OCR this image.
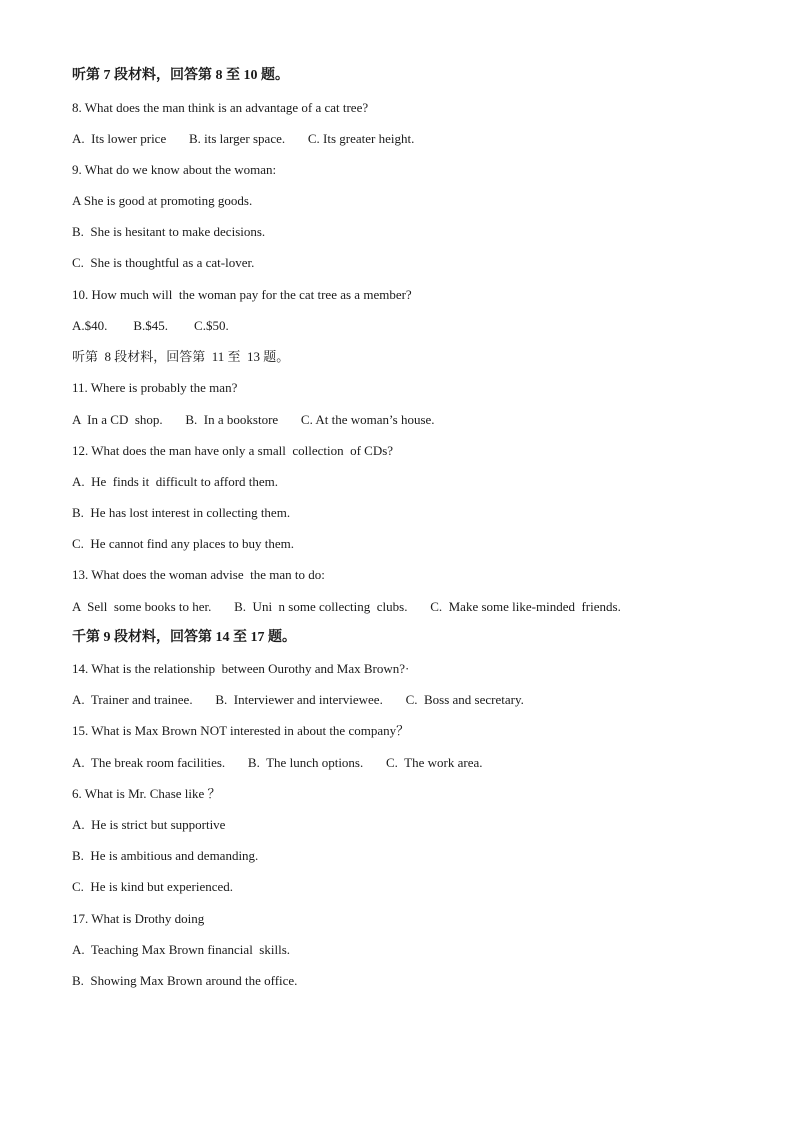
听第 7 段材料，回答第 8 至 10 题。
8. What does the man think is an advantage of a cat tree?
A.  Its lower price       B. its larger space.       C. Its greater height.
9. What do we know about the woman:
A She is good at promoting goods.
B.  She is hesitant to make decisions.
C.  She is thoughtful as a cat-lover.
10. How much will  the woman pay for the cat tree as a member?
A.$40.        B.$45.        C.$50.
听第  8 段材料，回答第  11 至  13 题。
11. Where is probably the man?
A  In a CD  shop.       B.  In a bookstore       C. At the woman’s house.
12. What does the man have only a small  collection  of CDs?
A.  He  finds it  difficult to afford them.
B.  He has lost interest in collecting them.
C.  He cannot find any places to buy them.
13. What does the woman advise  the man to do:
A  Sell  some books to her.       B.  Uni  n some collecting  clubs.       C.  Make some like-minded  friends.
千第 9 段材料，回答第 14 至 17 题。
14. What is the relationship  between Ourothy and Max Brown?·
A.  Trainer and trainee.       B.  Interviewer and interviewee.       C.  Boss and secretary.
15. What is Max Brown NOT interested in about the company？
A.  The break room facilities.       B.  The lunch options.       C.  The work area.
6. What is Mr. Chase like ？
A.  He is strict but supportive
B.  He is ambitious and demanding.
C.  He is kind but experienced.
17. What is Drothy doing
A.  Teaching Max Brown financial  skills.
B.  Showing Max Brown around the office.
